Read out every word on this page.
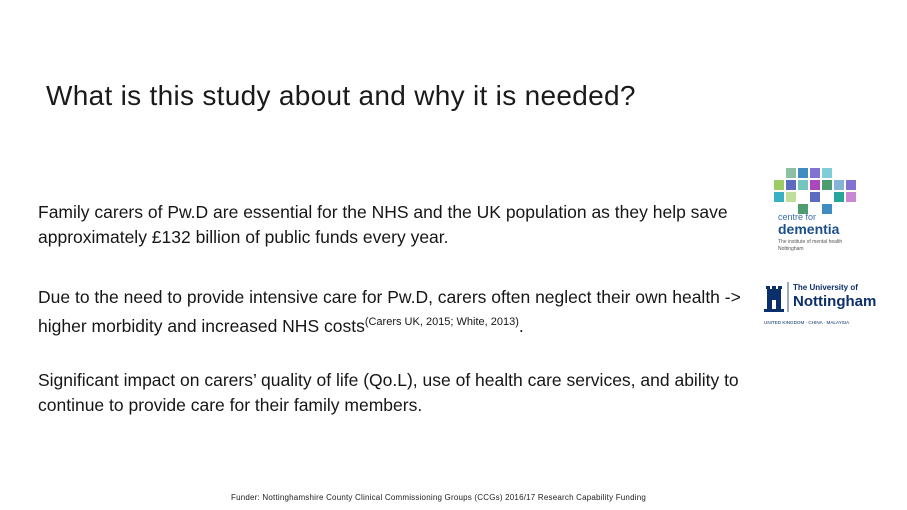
What is this study about and why it is needed?

Family carers of Pw.D are essential for the NHS and the UK population as they help save approximately £132 billion of public funds every year.

Due to the need to provide intensive care for Pw.D, carers often neglect their own health -> higher morbidity and increased NHS costs$^{(Carers UK, 2015; White, 2013)}$.

Significant impact on carers’ quality of life (Qo.L), use of health care services, and ability to continue to provide care for their family members.

Funder: Nottinghamshire County Clinical Commissioning Groups (CCGs) 2016/17 Research Capability Funding
centre for
dementia
The institute of mental health
Nottingham
The University of
Nottingham
UNITED KINGDOM · CHINA · MALAYSIA
